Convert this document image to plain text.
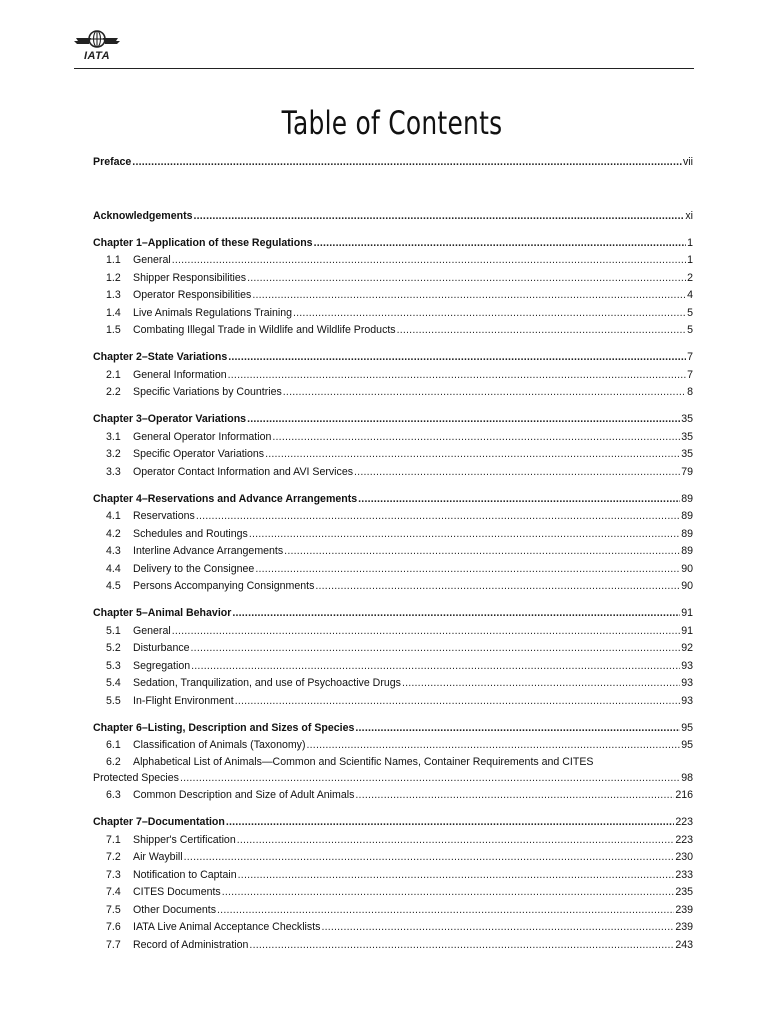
IATA
Table of Contents
Preface .....	vii
Acknowledgements .....	xi
Chapter 1–Application of these Regulations .....	1
1.1	General .....	1
1.2	Shipper Responsibilities .....	2
1.3	Operator Responsibilities .....	4
1.4	Live Animals Regulations Training .....	5
1.5	Combating Illegal Trade in Wildlife and Wildlife Products .....	5
Chapter 2–State Variations .....	7
2.1	General Information .....	7
2.2	Specific Variations by Countries .....	8
Chapter 3–Operator Variations .....	35
3.1	General Operator Information .....	35
3.2	Specific Operator Variations .....	35
3.3	Operator Contact Information and AVI Services .....	79
Chapter 4–Reservations and Advance Arrangements .....	89
4.1	Reservations .....	89
4.2	Schedules and Routings .....	89
4.3	Interline Advance Arrangements .....	89
4.4	Delivery to the Consignee .....	90
4.5	Persons Accompanying Consignments .....	90
Chapter 5–Animal Behavior .....	91
5.1	General .....	91
5.2	Disturbance .....	92
5.3	Segregation .....	93
5.4	Sedation, Tranquilization, and use of Psychoactive Drugs .....	93
5.5	In-Flight Environment .....	93
Chapter 6–Listing, Description and Sizes of Species .....	95
6.1	Classification of Animals (Taxonomy) .....	95
6.2 Alphabetical List of Animals—Common and Scientific Names, Container Requirements and CITES
Protected Species .....	98
6.3	Common Description and Size of Adult Animals .....	216
Chapter 7–Documentation .....	223
7.1	Shipper's Certification .....	223
7.2	Air Waybill .....	230
7.3	Notification to Captain .....	233
7.4	CITES Documents .....	235
7.5	Other Documents .....	239
7.6	IATA Live Animal Acceptance Checklists .....	239
7.7	Record of Administration .....	243
